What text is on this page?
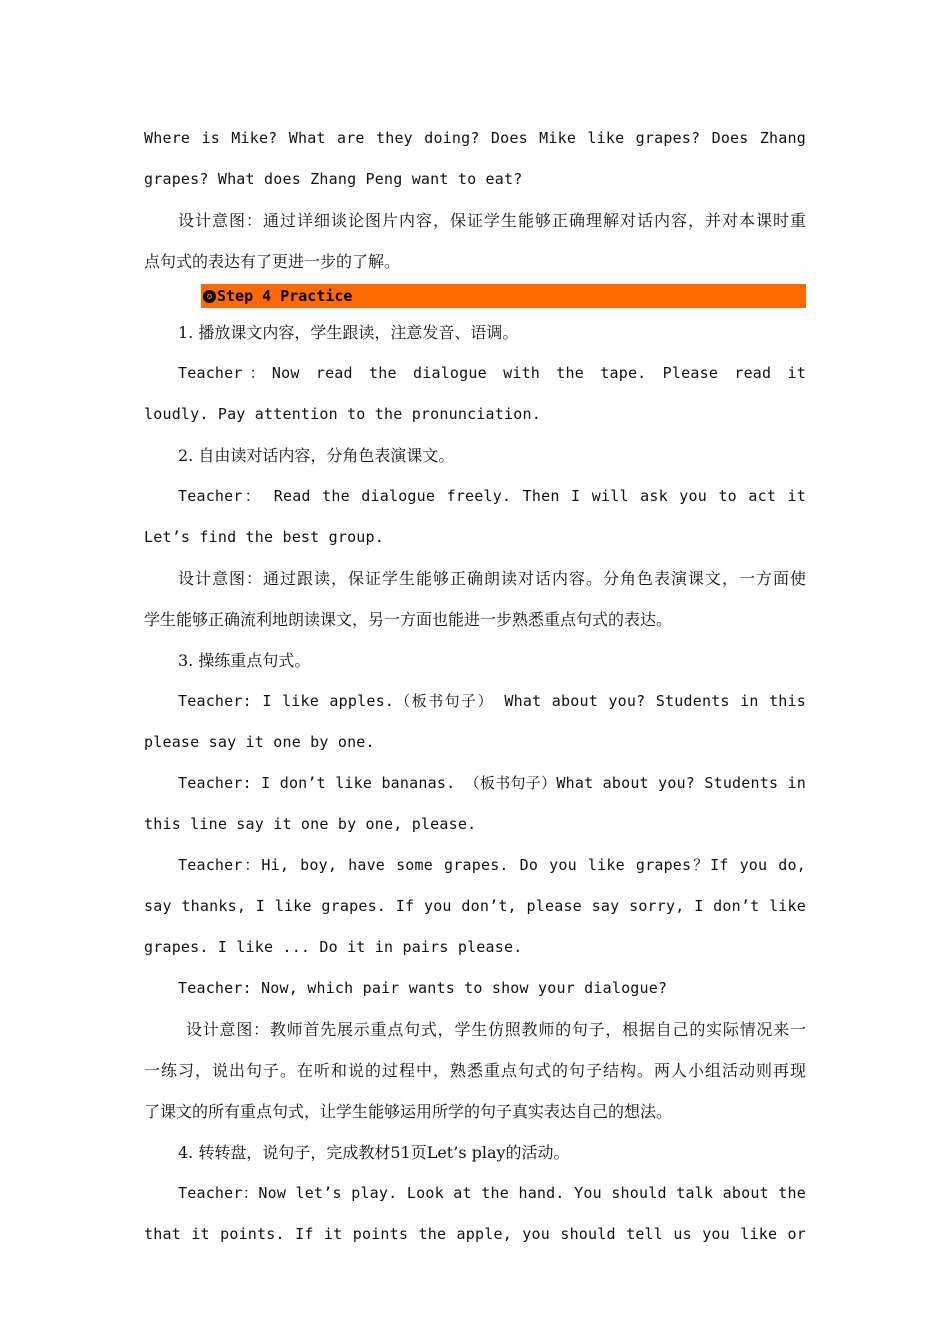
Where is Mike? What are they doing? Does Mike like grapes? Does Zhang
grapes? What does Zhang Peng want to eat?
设计意图：通过详细谈论图片内容，保证学生能够正确理解对话内容，并对本课时重
点句式的表达有了更进一步的了解。
✪ Step 4 Practice
1. 播放课文内容，学生跟读，注意发音、语调。
Teacher：Now read the dialogue with the tape. Please read it
loudly. Pay attention to the pronunciation.
2. 自由读对话内容，分角色表演课文。
Teacher： Read the dialogue freely. Then I will ask you to act it
Let’s find the best group.
设计意图：通过跟读，保证学生能够正确朗读对话内容。分角色表演课文，一方面使
学生能够正确流利地朗读课文，另一方面也能进一步熟悉重点句式的表达。
3. 操练重点句式。
Teacher: I like apples.（板书句子） What about you? Students in this
please say it one by one.
Teacher: I don’t like bananas. （板书句子）What about you? Students in
this line say it one by one, please.
Teacher：Hi, boy, have some grapes. Do you like grapes？If you do,
say thanks, I like grapes. If you don’t, please say sorry, I don’t like
grapes. I like ... Do it in pairs please.
Teacher: Now, which pair wants to show your dialogue?
设计意图：教师首先展示重点句式，学生仿照教师的句子，根据自己的实际情况来一
一练习，说出句子。在听和说的过程中，熟悉重点句式的句子结构。两人小组活动则再现
了课文的所有重点句式，让学生能够运用所学的句子真实表达自己的想法。
4. 转转盘，说句子，完成教材51页Let’s play的活动。
Teacher：Now let’s play. Look at the hand. You should talk about the
that it points. If it points the apple, you should tell us you like or
